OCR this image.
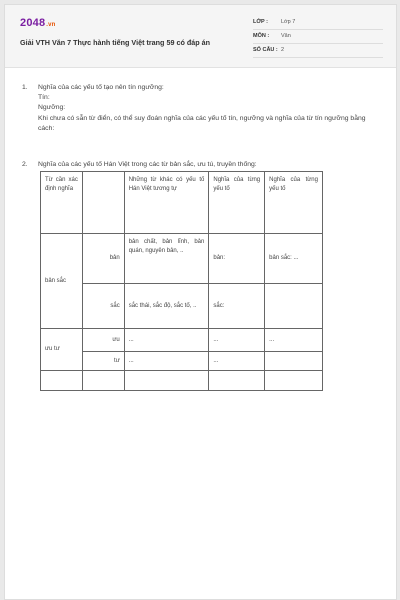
2048.vn
Giải VTH Văn 7 Thực hành tiếng Việt trang 59 có đáp án
LỚP : Lớp 7
MÔN : Văn
SỐ CÂU : 2
1. Nghĩa của các yếu tố tạo nên tín ngưỡng:
Tín:
Ngưỡng:
Khi chưa có sẵn từ điển, có thể suy đoán nghĩa của các yếu tố tín, ngưỡng và nghĩa của từ tín ngưỡng bằng cách:
2. Nghĩa của các yếu tố Hán Việt trong các từ bản sắc, ưu tú, truyền thống:
Từ cần xác định nghĩa		Những từ khác có yếu tố Hán Việt tương tự	Nghĩa của từng yếu tố	Nghĩa của từng yếu tố
bản sắc	bản	bản chất, bản lĩnh, bản quán, nguyên bản, ..	bản:	bản sắc: ...
	sắc	sắc thái, sắc độ, sắc tố, ..	sắc:	
ưu tư	ưu	...	...	...
	tư	...	...	
